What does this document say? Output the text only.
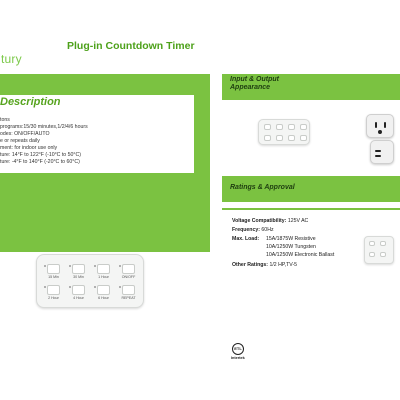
tury
Plug-in Countdown Timer
Description
tons
programs:15/30 minutes,1/2/4/6 hours
odes: ON/OFF/AUTO
e or repeats daily
ment: for indoor use only
ture: 14°F to 122°F (-10°C to 50°C)
ture: -4°F to 140°F (-20°C to 60°C)
15 Min	30 Min	1 Hour	ON/OFF
2 Hour	4 Hour	6 Hour	REPEAT
Input & Output
Appearance
Ratings & Approval
Voltage Compatibility: 125V AC
Frequency: 60Hz
Max. Load: 15A/1875W Resistive
10A/1250W Tungsten
10A/1250W Electronic Ballast
Other Ratings: 1/2 HP,TV-5
ETL
Intertek
